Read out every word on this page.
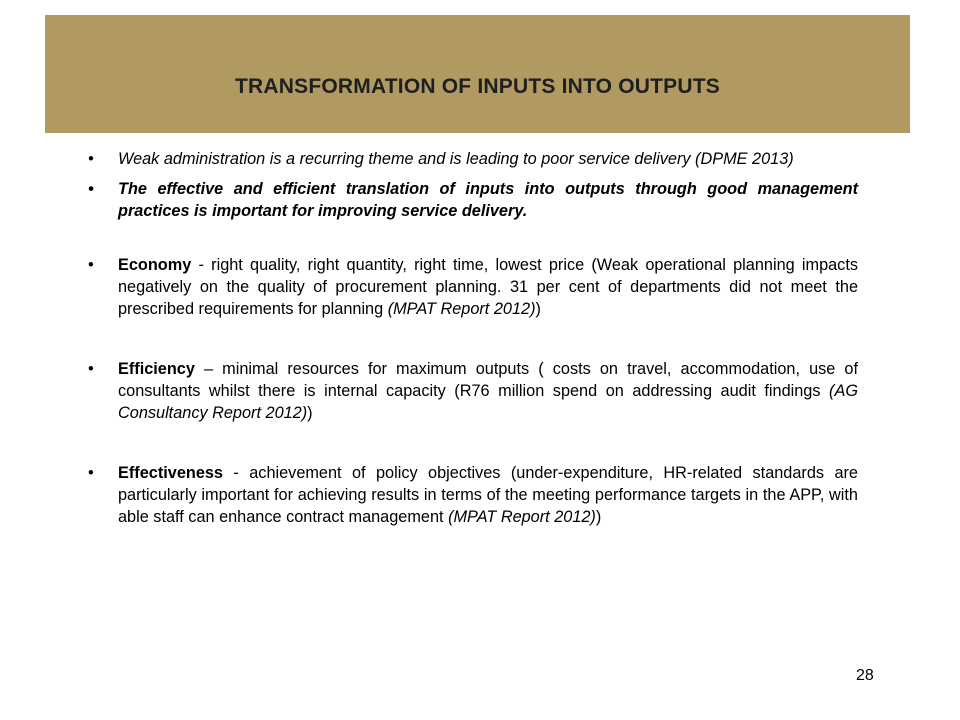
TRANSFORMATION OF INPUTS INTO OUTPUTS
• Weak administration is a recurring theme and is leading to poor service delivery (DPME 2013)
• The effective and efficient translation of inputs into outputs through good management practices is important for improving service delivery.
• Economy - right quality, right quantity, right time, lowest price (Weak operational planning impacts negatively on the quality of procurement planning. 31 per cent of departments did not meet the prescribed requirements for planning (MPAT Report 2012))
• Efficiency – minimal resources for maximum outputs ( costs on travel, accommodation, use of consultants whilst there is internal capacity (R76 million spend on addressing audit findings (AG Consultancy Report 2012))
• Effectiveness - achievement of policy objectives (under-expenditure, HR-related standards are particularly important for achieving results in terms of the meeting performance targets in the APP, with able staff can enhance contract management (MPAT Report 2012))
28
